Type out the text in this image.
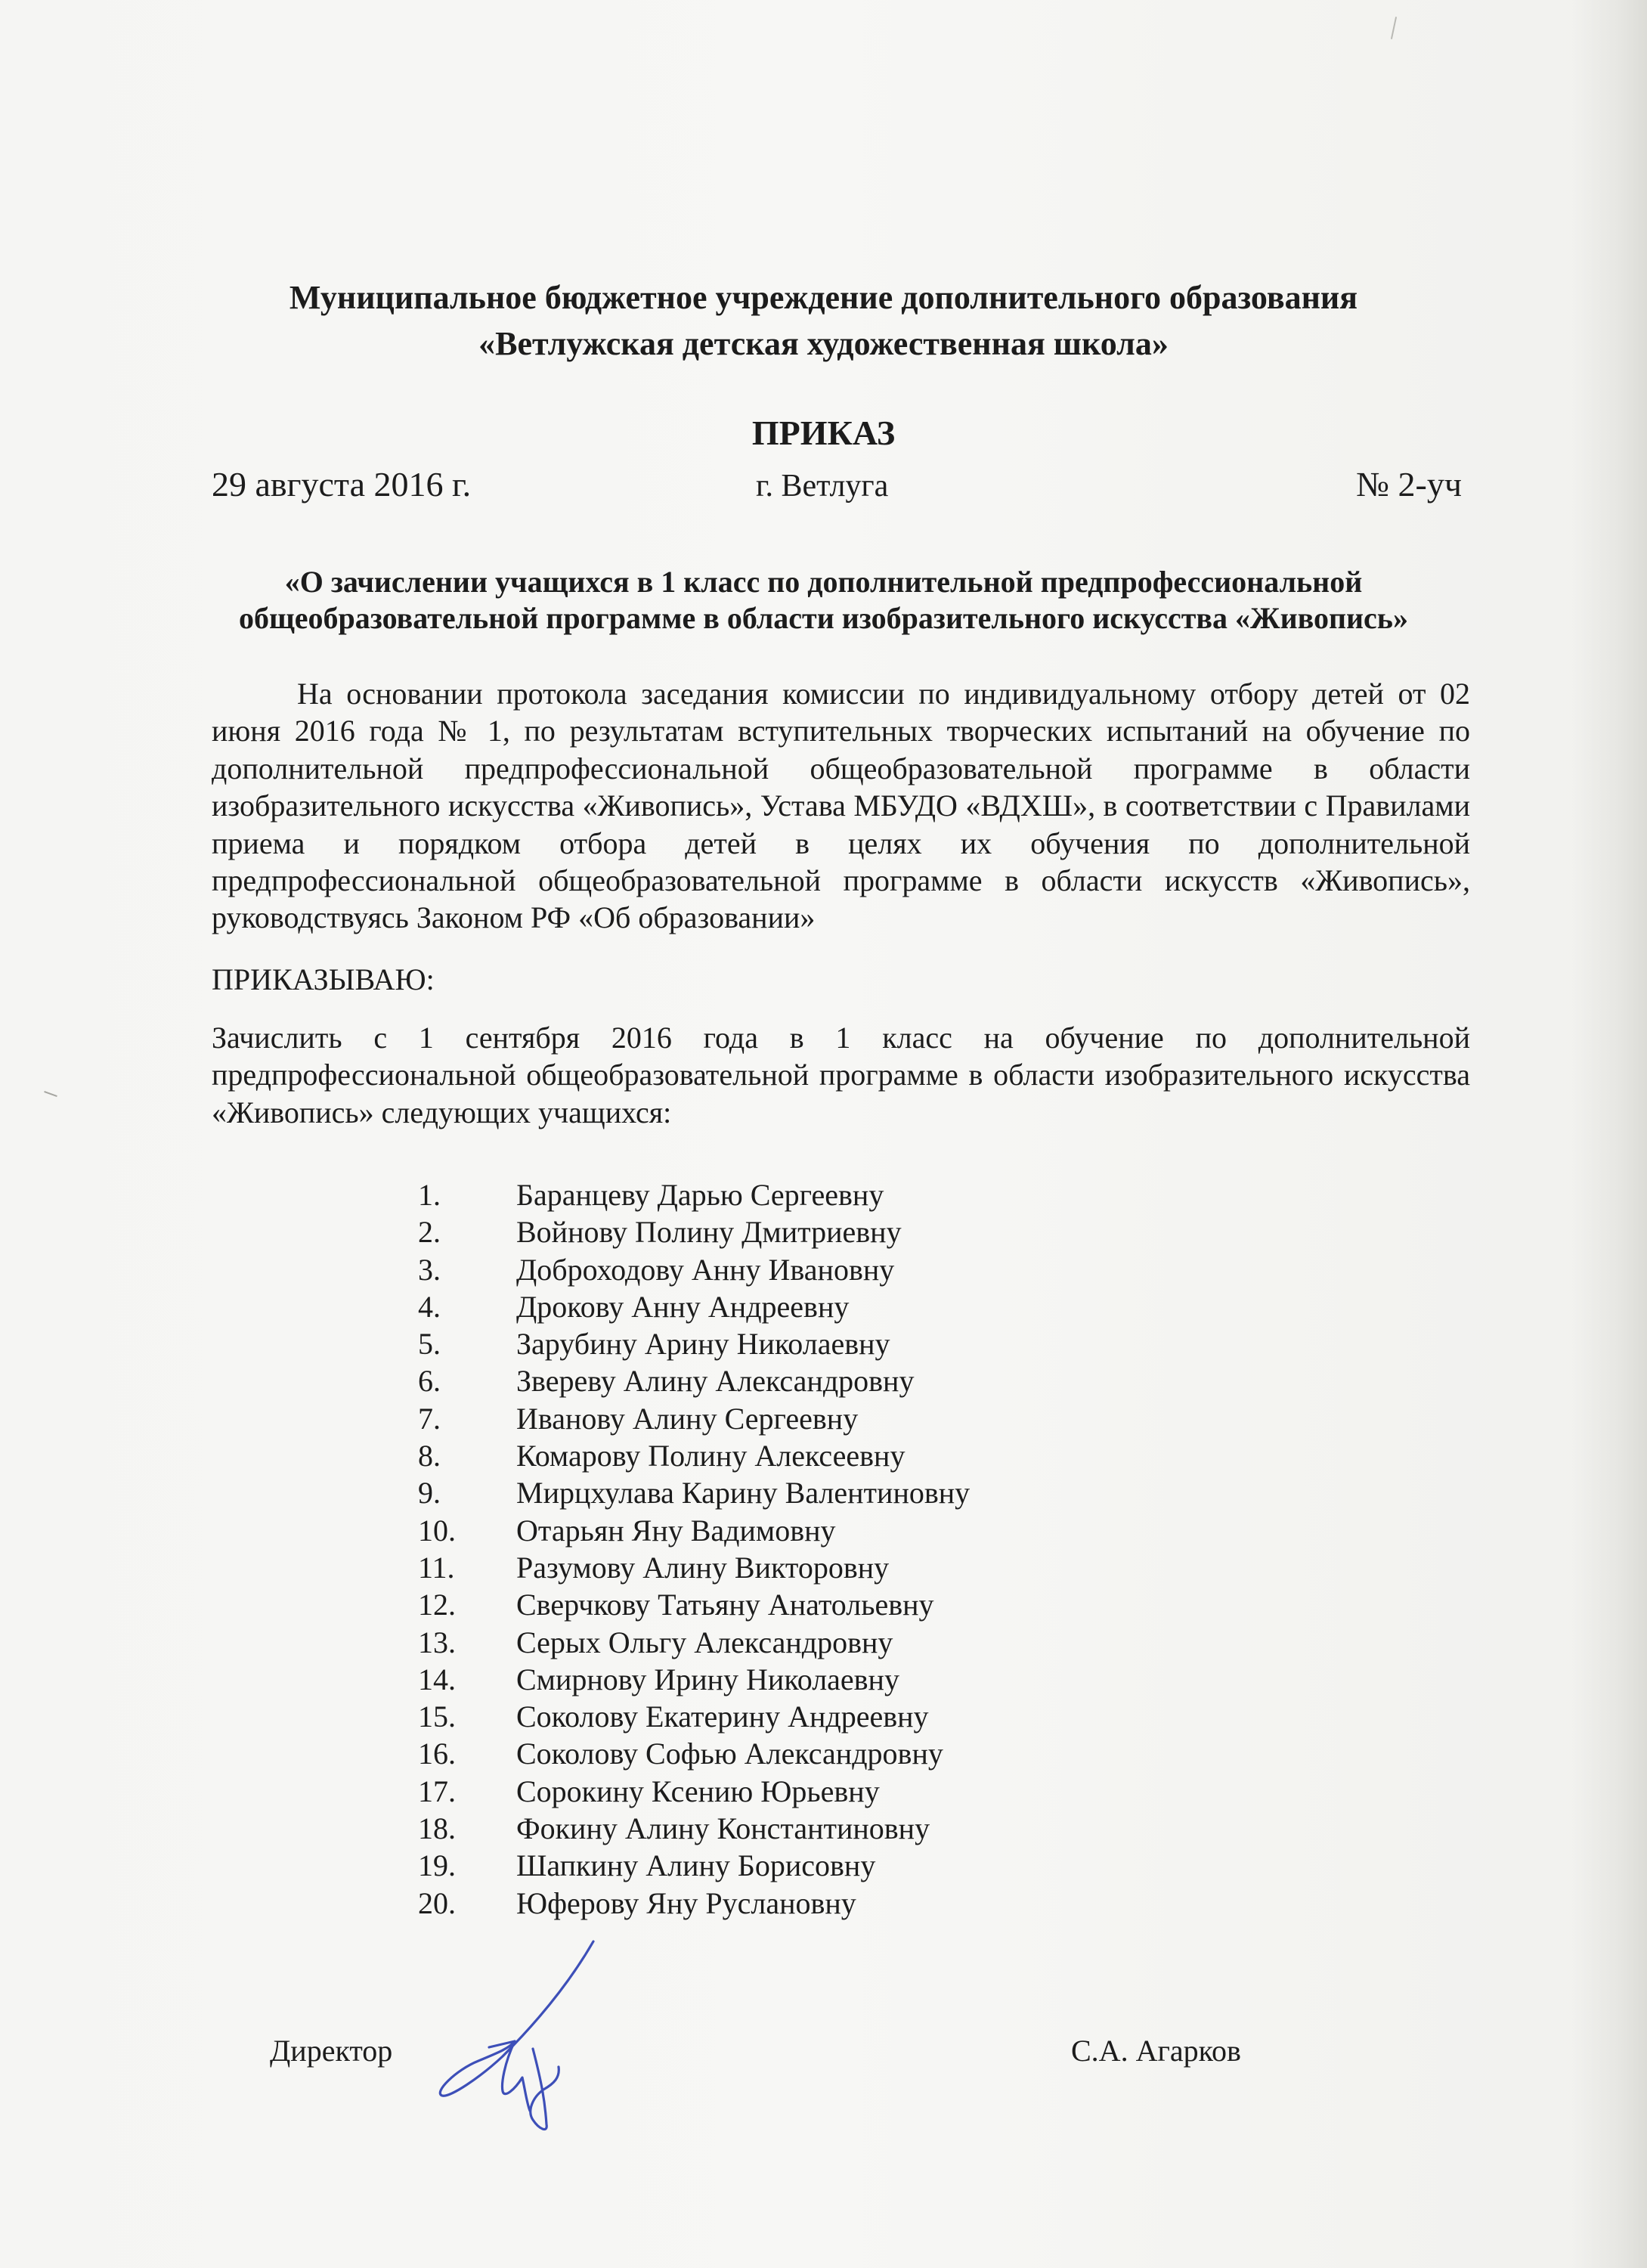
Муниципальное бюджетное учреждение дополнительного образования

«Ветлужская детская художественная школа»

ПРИКАЗ

29 августа 2016 г.	г. Ветлуга	№ 2-уч

«О зачислении учащихся в 1 класс по дополнительной предпрофессиональной

общеобразовательной программе в области изобразительного искусства «Живопись»

На основании протокола заседания комиссии по индивидуальному отбору детей от 02 июня 2016 года № 1, по результатам вступительных творческих испытаний на обучение по дополнительной предпрофессиональной общеобразовательной программе в области изобразительного искусства «Живопись», Устава МБУДО «ВДХШ», в соответствии с Правилами приема и порядком отбора детей в целях их обучения по дополнительной предпрофессиональной общеобразовательной программе в области искусств «Живопись», руководствуясь Законом РФ «Об образовании»

ПРИКАЗЫВАЮ:

Зачислить с 1 сентября 2016 года в 1 класс на обучение по дополнительной предпрофессиональной общеобразовательной программе в области изобразительного искусства «Живопись» следующих учащихся:

1.	Баранцеву Дарью Сергеевну
2.	Войнову Полину Дмитриевну
3.	Доброходову Анну Ивановну
4.	Дрокову Анну Андреевну
5.	Зарубину Арину Николаевну
6.	Звереву Алину Александровну
7.	Иванову Алину Сергеевну
8.	Комарову Полину Алексеевну
9.	Мирцхулава Карину Валентиновну
10. Отарьян Яну Вадимовну
11. Разумову Алину Викторовну
12. Сверчкову Татьяну Анатольевну
13. Серых Ольгу Александровну
14. Смирнову Ирину Николаевну
15. Соколову Екатерину Андреевну
16. Соколову Софью Александровну
17. Сорокину Ксению Юрьевну
18. Фокину Алину Константиновну
19. Шапкину Алину Борисовну
20. Юферову Яну Руслановну

Директор	С.А. Агарков
